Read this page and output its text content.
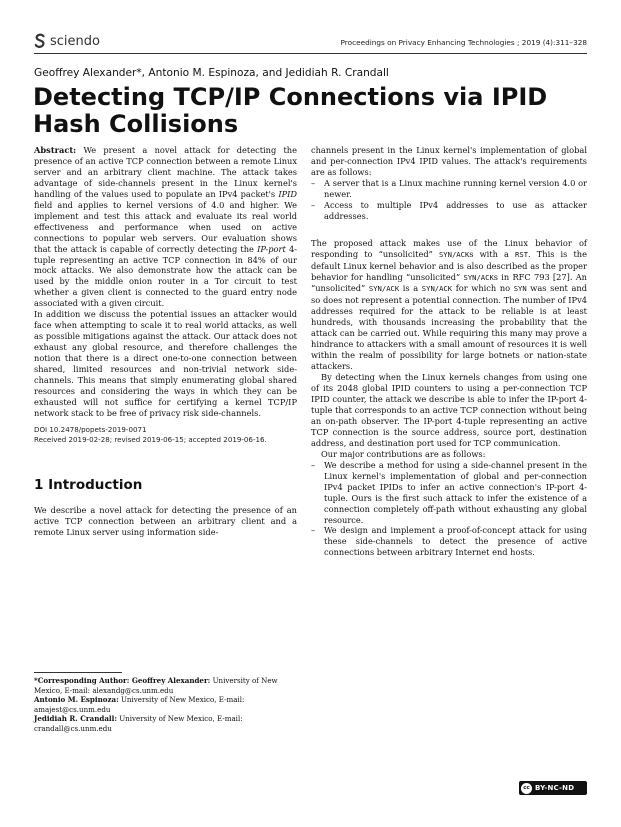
sciendo	Proceedings on Privacy Enhancing Technologies ; 2019 (4):311–328
Geoffrey Alexander*, Antonio M. Espinoza, and Jedidiah R. Crandall
Detecting TCP/IP Connections via IPID Hash Collisions

Abstract: We present a novel attack for detecting the presence of an active TCP connection between a remote Linux server and an arbitrary client machine. The attack takes advantage of side-channels present in the Linux kernel's handling of the values used to populate an IPv4 packet's IPID field and applies to kernel versions of 4.0 and higher. We implement and test this attack and evaluate its real world effectiveness and performance when used on active connections to popular web servers. Our evaluation shows that the attack is capable of correctly detecting the IP-port 4-tuple representing an active TCP connection in 84% of our mock attacks. We also demonstrate how the attack can be used by the middle onion router in a Tor circuit to test whether a given client is connected to the guard entry node associated with a given circuit.

In addition we discuss the potential issues an attacker would face when attempting to scale it to real world attacks, as well as possible mitigations against the attack. Our attack does not exhaust any global resource, and therefore challenges the notion that there is a direct one-to-one connection between shared, limited resources and non-trivial network side-channels. This means that simply enumerating global shared resources and considering the ways in which they can be exhausted will not suffice for certifying a kernel TCP/IP network stack to be free of privacy risk side-channels.

DOI 10.2478/popets-2019-0071
Received 2019-02-28; revised 2019-06-15; accepted 2019-06-16.
1 Introduction

We describe a novel attack for detecting the presence of an active TCP connection between an arbitrary client and a remote Linux server using information side-

channels present in the Linux kernel's implementation of global and per-connection IPv4 IPID values. The attack's requirements are as follows:

– A server that is a Linux machine running kernel version 4.0 or newer.
– Access to multiple IPv4 addresses to use as attacker addresses.

The proposed attack makes use of the Linux behavior of responding to “unsolicited” SYN/ACKs with a RST. This is the default Linux kernel behavior and is also described as the proper behavior for handling “unsolicited” SYN/ACKs in RFC 793 [27]. An “unsolicited” SYN/ACK is a SYN/ACK for which no SYN was sent and so does not represent a potential connection. The number of IPv4 addresses required for the attack to be reliable is at least hundreds, with thousands increasing the probability that the attack can be carried out. While requiring this many may prove a hindrance to attackers with a small amount of resources it is well within the realm of possibility for large botnets or nation-state attackers.

By detecting when the Linux kernels changes from using one of its 2048 global IPID counters to using a per-connection TCP IPID counter, the attack we describe is able to infer the IP-port 4-tuple that corresponds to an active TCP connection without being an on-path observer. The IP-port 4-tuple representing an active TCP connection is the source address, source port, destination address, and destination port used for TCP communication.

Our major contributions are as follows:

– We describe a method for using a side-channel present in the Linux kernel's implementation of global and per-connection IPv4 packet IPIDs to infer an active connection's IP-port 4-tuple. Ours is the first such attack to infer the existence of a connection completely off-path without exhausting any global resource.
– We design and implement a proof-of-concept attack for using these side-channels to detect the presence of active connections between arbitrary Internet end hosts.

*Corresponding Author: Geoffrey Alexander: University of New Mexico, E-mail: alexandg@cs.unm.edu

Antonio M. Espinoza: University of New Mexico, E-mail: amajest@cs.unm.edu

Jedidiah R. Crandall: University of New Mexico, E-mail: crandall@cs.unm.edu

cc BY-NC-ND
